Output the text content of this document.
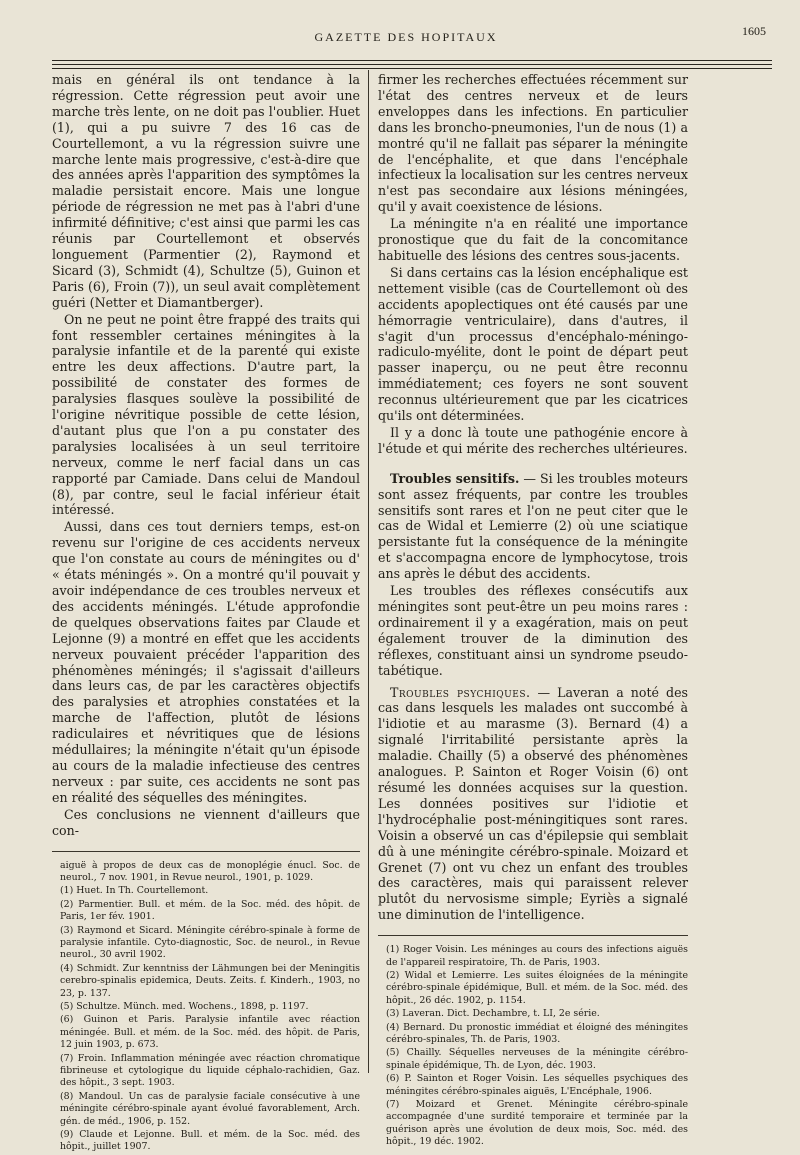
GAZETTE DES HOPITAUX	1605

mais en général ils ont tendance à la régression. Cette régression peut avoir une marche très lente, on ne doit pas l'oublier. Huet (1), qui a pu suivre 7 des 16 cas de Courtellemont, a vu la régression suivre une marche lente mais progressive, c'est-à-dire que des années après l'apparition des symptômes la maladie persistait encore. Mais une longue période de régression ne met pas à l'abri d'une infirmité définitive; c'est ainsi que parmi les cas réunis par Courtellemont et observés longuement (Parmentier (2), Raymond et Sicard (3), Schmidt (4), Schultze (5), Guinon et Paris (6), Froin (7)), un seul avait complètement guéri (Netter et Diamantberger).

On ne peut ne point être frappé des traits qui font ressembler certaines méningites à la paralysie infantile et de la parenté qui existe entre les deux affections. D'autre part, la possibilité de constater des formes de paralysies flasques soulève la possibilité de l'origine névritique possible de cette lésion, d'autant plus que l'on a pu constater des paralysies localisées à un seul territoire nerveux, comme le nerf facial dans un cas rapporté par Camiade. Dans celui de Mandoul (8), par contre, seul le facial inférieur était intéressé.

Aussi, dans ces tout derniers temps, est-on revenu sur l'origine de ces accidents nerveux que l'on constate au cours de méningites ou d' « états méningés ». On a montré qu'il pouvait y avoir indépendance de ces troubles nerveux et des accidents méningés. L'étude approfondie de quelques observations faites par Claude et Lejonne (9) a montré en effet que les accidents nerveux pouvaient précéder l'apparition des phénomènes méningés; il s'agissait d'ailleurs dans leurs cas, de par les caractères objectifs des paralysies et atrophies constatées et la marche de l'affection, plutôt de lésions radiculaires et névritiques que de lésions médullaires; la méningite n'était qu'un épisode au cours de la maladie infectieuse des centres nerveux : par suite, ces accidents ne sont pas en réalité des séquelles des méningites.

Ces conclusions ne viennent d'ailleurs que con-

aiguë à propos de deux cas de monoplégie énucl. Soc. de neurol., 7 nov. 1901, in Revue neurol., 1901, p. 1029.

(1) Huet. In Th. Courtellemont.

(2) Parmentier. Bull. et mém. de la Soc. méd. des hôpit. de Paris, 1er fév. 1901.

(3) Raymond et Sicard. Méningite cérébro-spinale à forme de paralysie infantile. Cyto-diagnostic, Soc. de neurol., in Revue neurol., 30 avril 1902.

(4) Schmidt. Zur kenntniss der Lähmungen bei der Meningitis cerebro-spinalis epidemica, Deuts. Zeits. f. Kinderh., 1903, no 23, p. 137.

(5) Schultze. Münch. med. Wochens., 1898, p. 1197.

(6) Guinon et Paris. Paralysie infantile avec réaction méningée. Bull. et mém. de la Soc. méd. des hôpit. de Paris, 12 juin 1903, p. 673.

(7) Froin. Inflammation méningée avec réaction chromatique fibrineuse et cytologique du liquide céphalo-rachidien, Gaz. des hôpit., 3 sept. 1903.

(8) Mandoul. Un cas de paralysie faciale consécutive à une méningite cérébro-spinale ayant évolué favorablement, Arch. gén. de méd., 1906, p. 152.

(9) Claude et Lejonne. Bull. et mém. de la Soc. méd. des hôpit., juillet 1907.

firmer les recherches effectuées récemment sur l'état des centres nerveux et de leurs enveloppes dans les infections. En particulier dans les broncho-pneumonies, l'un de nous (1) a montré qu'il ne fallait pas séparer la méningite de l'encéphalite, et que dans l'encéphale infectieux la localisation sur les centres nerveux n'est pas secondaire aux lésions méningées, qu'il y avait coexistence de lésions.

La méningite n'a en réalité une importance pronostique que du fait de la concomitance habituelle des lésions des centres sous-jacents.

Si dans certains cas la lésion encéphalique est nettement visible (cas de Courtellemont où des accidents apoplectiques ont été causés par une hémorragie ventriculaire), dans d'autres, il s'agit d'un processus d'encéphalo-méningo-radiculo-myélite, dont le point de départ peut passer inaperçu, ou ne peut être reconnu immédiatement; ces foyers ne sont souvent reconnus ultérieurement que par les cicatrices qu'ils ont déterminées.

Il y a donc là toute une pathogénie encore à l'étude et qui mérite des recherches ultérieures.

Troubles sensitifs. — Si les troubles moteurs sont assez fréquents, par contre les troubles sensitifs sont rares et l'on ne peut citer que le cas de Widal et Lemierre (2) où une sciatique persistante fut la conséquence de la méningite et s'accompagna encore de lymphocytose, trois ans après le début des accidents.

Les troubles des réflexes consécutifs aux méningites sont peut-être un peu moins rares : ordinairement il y a exagération, mais on peut également trouver de la diminution des réflexes, constituant ainsi un syndrome pseudo-tabétique.

Troubles psychiques. — Laveran a noté des cas dans lesquels les malades ont succombé à l'idiotie et au marasme (3). Bernard (4) a signalé l'irritabilité persistante après la maladie. Chailly (5) a observé des phénomènes analogues. P. Sainton et Roger Voisin (6) ont résumé les données acquises sur la question. Les données positives sur l'idiotie et l'hydrocéphalie post-méningitiques sont rares. Voisin a observé un cas d'épilepsie qui semblait dû à une méningite cérébro-spinale. Moizard et Grenet (7) ont vu chez un enfant des troubles des caractères, mais qui paraissent relever plutôt du nervosisme simple; Eyriès a signalé une diminution de l'intelligence.

(1) Roger Voisin. Les méninges au cours des infections aiguës de l'appareil respiratoire, Th. de Paris, 1903.

(2) Widal et Lemierre. Les suites éloignées de la méningite cérébro-spinale épidémique, Bull. et mém. de la Soc. méd. des hôpit., 26 déc. 1902, p. 1154.

(3) Laveran. Dict. Dechambre, t. LI, 2e série.

(4) Bernard. Du pronostic immédiat et éloigné des méningites cérébro-spinales, Th. de Paris, 1903.

(5) Chailly. Séquelles nerveuses de la méningite cérébro-spinale épidémique, Th. de Lyon, déc. 1903.

(6) P. Sainton et Roger Voisin. Les séquelles psychiques des méningites cérébro-spinales aiguës, L'Encéphale, 1906.

(7) Moizard et Grenet. Méningite cérébro-spinale accompagnée d'une surdité temporaire et terminée par la guérison après une évolution de deux mois, Soc. méd. des hôpit., 19 déc. 1902.
